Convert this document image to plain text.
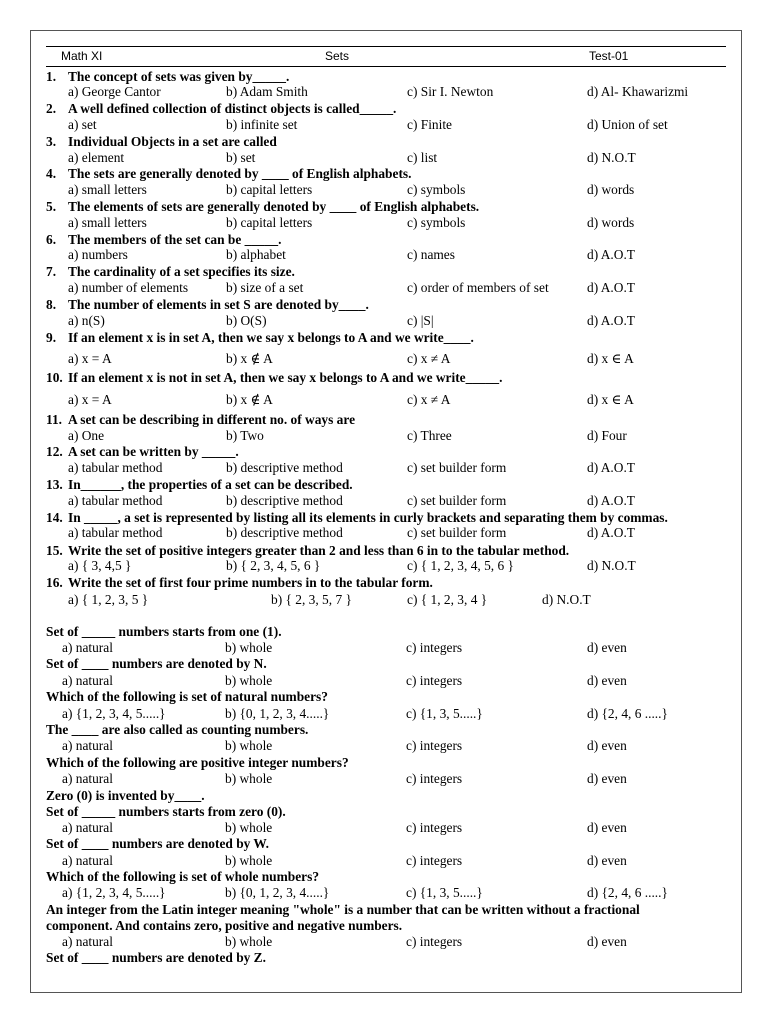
Math XI	Sets	Test-01
1. The concept of sets was given by_____.
a) George Cantor	b) Adam Smith	c) Sir I. Newton	d) Al- Khawarizmi
2. A well defined collection of distinct objects is called_____.
a) set	b) infinite set	c) Finite	d) Union of set
3. Individual Objects in a set are called
a) element	b) set	c) list	d) N.O.T
4. The sets are generally denoted by ____ of English alphabets.
a) small letters	b) capital letters	c) symbols	d) words
5. The elements of sets are generally denoted by ____ of English alphabets.
a) small letters	b) capital letters	c) symbols	d) words
6. The members of the set can be _____.
a) numbers	b) alphabet	c) names	d) A.O.T
7. The cardinality of a set specifies its size.
a) number of elements	b) size of a set	c) order of members of set	d) A.O.T
8. The number of elements in set S are denoted by____.
a) n(S)	b) O(S)	c) |S|	d) A.O.T
9. If an element x is in set A, then we say x belongs to A and we write____.
a) x = A	b) x ∉ A	c) x ≠ A	d) x ∈ A
10. If an element x is not in set A, then we say x belongs to A and we write_____.
a) x = A	b) x ∉ A	c) x ≠ A	d) x ∈ A
11. A set can be describing in different no. of ways are
a) One	b) Two	c) Three	d) Four
12. A set can be written by _____.
a) tabular method	b) descriptive method	c) set builder form	d) A.O.T
13. In______, the properties of a set can be described.
a) tabular method	b) descriptive method	c) set builder form	d) A.O.T
14. In _____, a set is represented by listing all its elements in curly brackets and separating them by commas.
a) tabular method	b) descriptive method	c) set builder form	d) A.O.T
15. Write the set of positive integers greater than 2 and less than 6 in to the tabular method.
a) { 3, 4,5 }	b) { 2, 3, 4, 5, 6 }	c) { 1, 2, 3, 4, 5, 6 }	d) N.O.T
16. Write the set of first four prime numbers in to the tabular form.
a) { 1, 2, 3, 5 }	b) { 2, 3, 5, 7 }	c) { 1, 2, 3, 4 }	d) N.O.T
Set of _____ numbers starts from one (1).
a) natural	b) whole	c) integers	d) even
Set of ____ numbers are denoted by N.
a) natural	b) whole	c) integers	d) even
Which of the following is set of natural numbers?
a) {1, 2, 3, 4, 5.....}	b) {0, 1, 2, 3, 4.....}	c) {1, 3, 5.....}	d) {2, 4, 6 .....}
The ____ are also called as counting numbers.
a) natural	b) whole	c) integers	d) even
Which of the following are positive integer numbers?
a) natural	b) whole	c) integers	d) even
Zero (0) is invented by____.
Set of _____ numbers starts from zero (0).
a) natural	b) whole	c) integers	d) even
Set of ____ numbers are denoted by W.
a) natural	b) whole	c) integers	d) even
Which of the following is set of whole numbers?
a) {1, 2, 3, 4, 5.....}	b) {0, 1, 2, 3, 4.....}	c) {1, 3, 5.....}	d) {2, 4, 6 .....}
An integer from the Latin integer meaning "whole" is a number that can be written without a fractional
component. And contains zero, positive and negative numbers.
a) natural	b) whole	c) integers	d) even
Set of ____ numbers are denoted by Z.
